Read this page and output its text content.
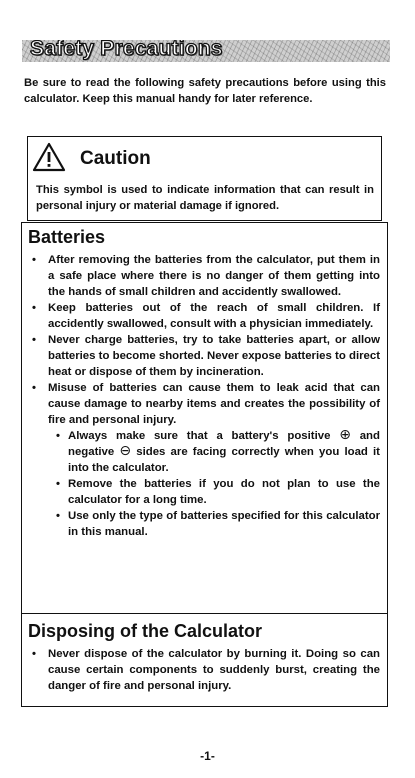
Safety Precautions

Be sure to read the following safety precautions before using this calculator. Keep this manual handy for later reference.

Caution

This symbol is used to indicate information that can result in personal injury or material damage if ignored.

Batteries
• After removing the batteries from the calculator, put them in a safe place where there is no danger of them getting into the hands of small children and accidently swallowed.
• Keep batteries out of the reach of small children. If accidently swallowed, consult with a physician immediately.
• Never charge batteries, try to take batteries apart, or allow batteries to become shorted. Never expose batteries to direct heat or dispose of them by incineration.
• Misuse of batteries can cause them to leak acid that can cause damage to nearby items and creates the possibility of fire and personal injury.
• Always make sure that a battery's positive ⊕ and negative ⊖ sides are facing correctly when you load it into the calculator.
• Remove the batteries if you do not plan to use the calculator for a long time.
• Use only the type of batteries specified for this calculator in this manual.
Disposing of the Calculator
• Never dispose of the calculator by burning it. Doing so can cause certain components to suddenly burst, creating the danger of fire and personal injury.
-1-
